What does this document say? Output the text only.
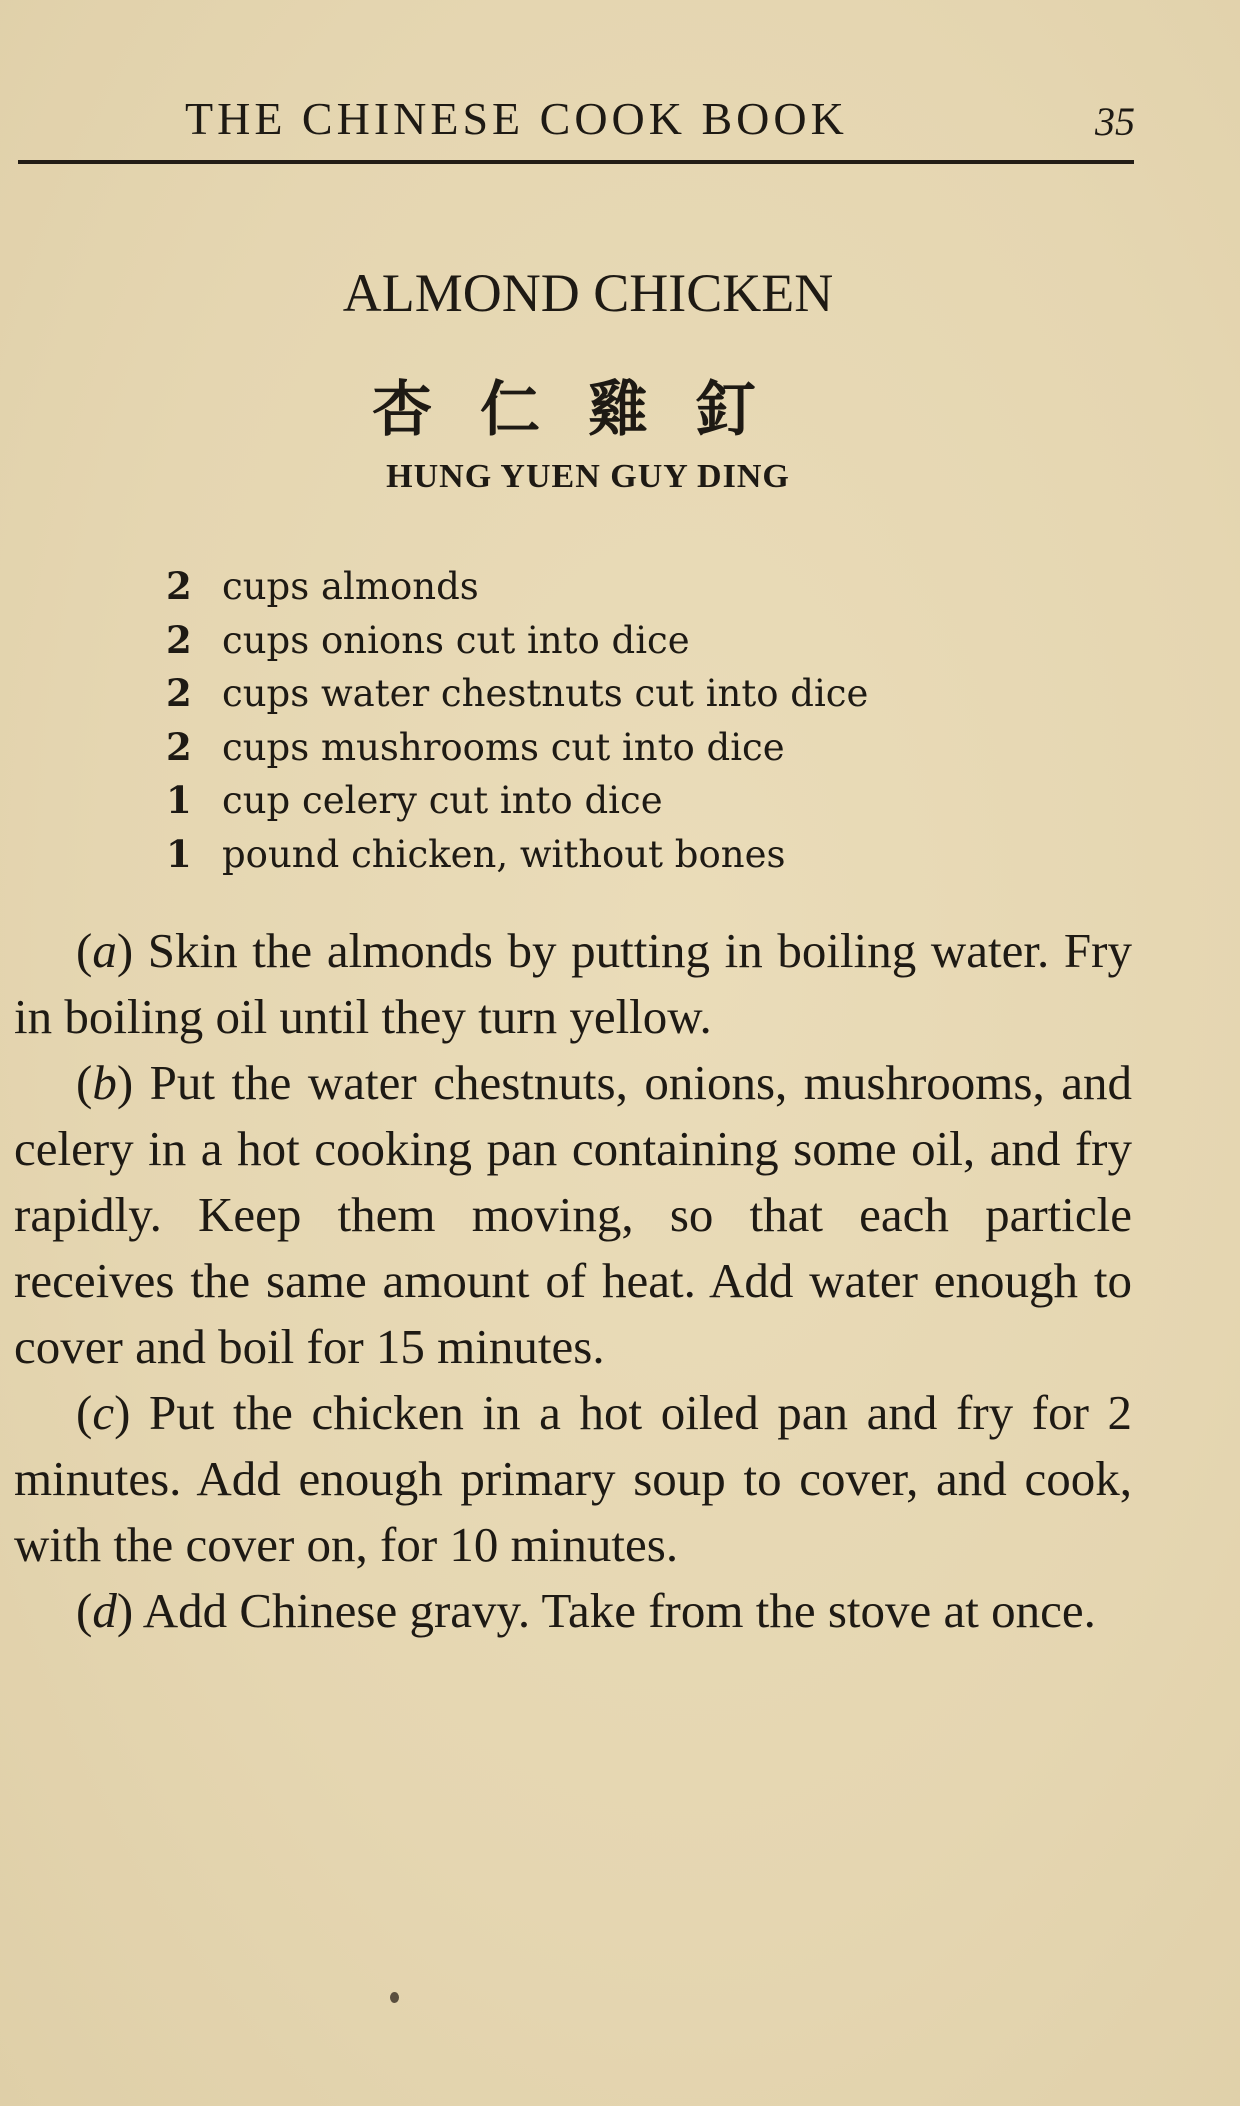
THE CHINESE COOK BOOK	35
ALMOND CHICKEN
杏仁雞釘
HUNG YUEN GUY DING
2 cups almonds
2 cups onions cut into dice
2 cups water chestnuts cut into dice
2 cups mushrooms cut into dice
1 cup celery cut into dice
1 pound chicken, without bones

(a) Skin the almonds by putting in boiling water. Fry in boiling oil until they turn yellow.

(b) Put the water chestnuts, onions, mushrooms, and celery in a hot cooking pan containing some oil, and fry rapidly. Keep them moving, so that each particle receives the same amount of heat. Add water enough to cover and boil for 15 minutes.

(c) Put the chicken in a hot oiled pan and fry for 2 minutes. Add enough primary soup to cover, and cook, with the cover on, for 10 minutes.

(d) Add Chinese gravy. Take from the stove at once.
